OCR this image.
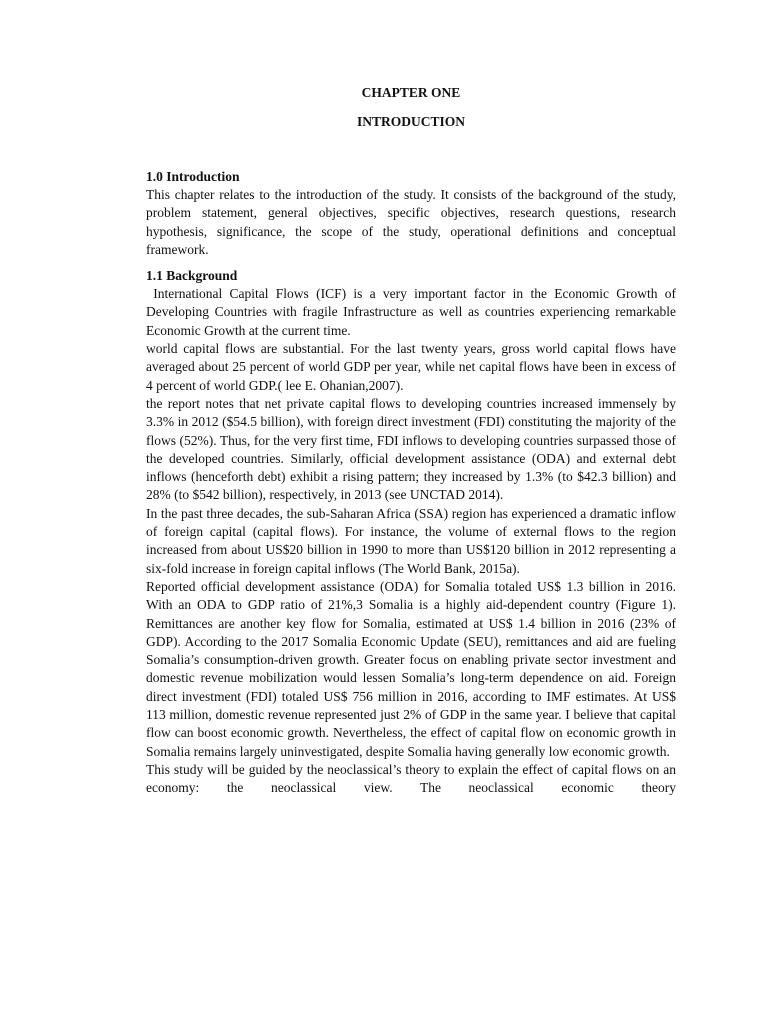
CHAPTER ONE
INTRODUCTION
1.0 Introduction

This chapter relates to the introduction of the study. It consists of the background of the study, problem statement, general objectives, specific objectives, research questions, research hypothesis, significance, the scope of the study, operational definitions and conceptual framework.

1.1 Background

International Capital Flows (ICF) is a very important factor in the Economic Growth of Developing Countries with fragile Infrastructure as well as countries experiencing remarkable Economic Growth at the current time.

world capital flows are substantial. For the last twenty years, gross world capital flows have averaged about 25 percent of world GDP per year, while net capital flows have been in excess of 4 percent of world GDP.( lee E. Ohanian,2007).

the report notes that net private capital flows to developing countries increased immensely by 3.3% in 2012 ($54.5 billion), with foreign direct investment (FDI) constituting the majority of the flows (52%). Thus, for the very first time, FDI inflows to developing countries surpassed those of the developed countries. Similarly, official development assistance (ODA) and external debt inflows (henceforth debt) exhibit a rising pattern; they increased by 1.3% (to $42.3 billion) and 28% (to $542 billion), respectively, in 2013 (see UNCTAD 2014).

In the past three decades, the sub-Saharan Africa (SSA) region has experienced a dramatic inflow of foreign capital (capital flows). For instance, the volume of external flows to the region increased from about US$20 billion in 1990 to more than US$120 billion in 2012 representing a six-fold increase in foreign capital inflows (The World Bank, 2015a).

Reported official development assistance (ODA) for Somalia totaled US$ 1.3 billion in 2016. With an ODA to GDP ratio of 21%,3 Somalia is a highly aid-dependent country (Figure 1). Remittances are another key flow for Somalia, estimated at US$ 1.4 billion in 2016 (23% of GDP). According to the 2017 Somalia Economic Update (SEU), remittances and aid are fueling Somalia’s consumption-driven growth. Greater focus on enabling private sector investment and domestic revenue mobilization would lessen Somalia’s long-term dependence on aid. Foreign direct investment (FDI) totaled US$ 756 million in 2016, according to IMF estimates. At US$ 113 million, domestic revenue represented just 2% of GDP in the same year. I believe that capital flow can boost economic growth. Nevertheless, the effect of capital flow on economic growth in Somalia remains largely uninvestigated, despite Somalia having generally low economic growth.

This study will be guided by the neoclassical’s theory to explain the effect of capital flows on an economy: the neoclassical view. The neoclassical economic theory
